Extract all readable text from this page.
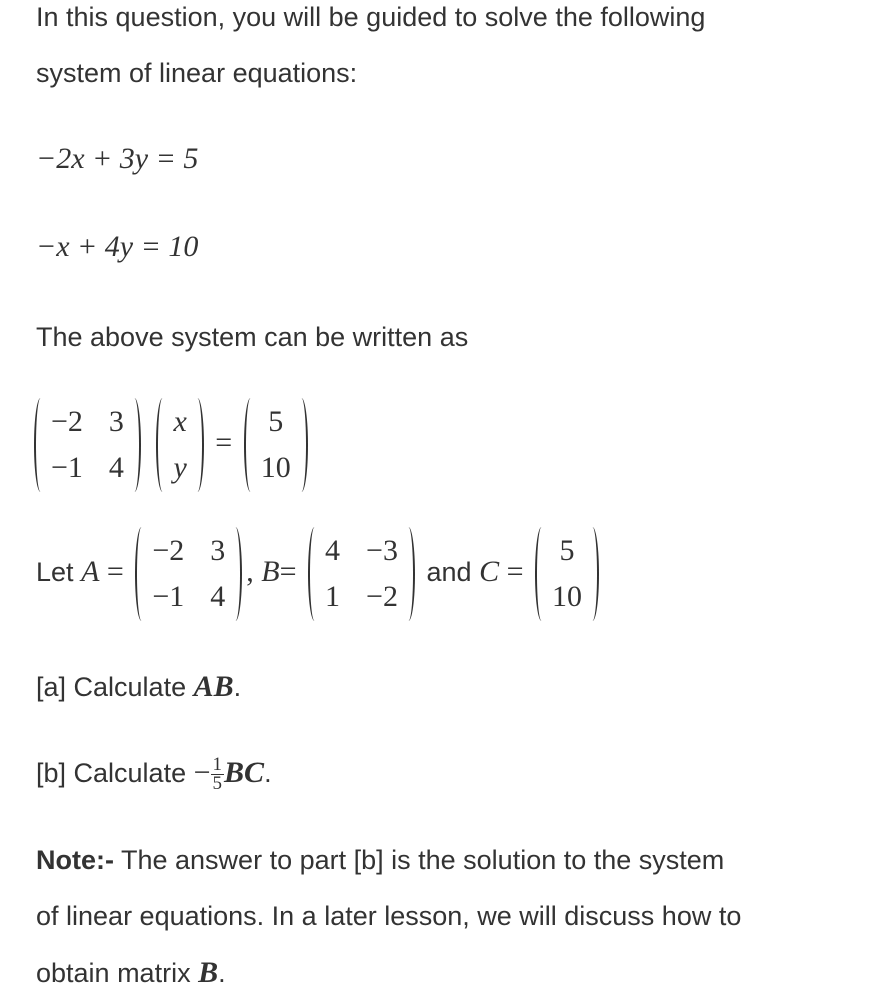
In this question, you will be guided to solve the following
system of linear equations:
−2x + 3y = 5
−x + 4y = 10
The above system can be written as
−2 3
−1 4

x
y
=
5
10
Let A =
−2 3
−1 4
, B=
4 −3
1 −2
and C =
5
10
[a] Calculate AB.
[b] Calculate − $\frac{1}{5}$ BC.
Note:- The answer to part [b] is the solution to the system
of linear equations. In a later lesson, we will discuss how to
obtain matrix B.
